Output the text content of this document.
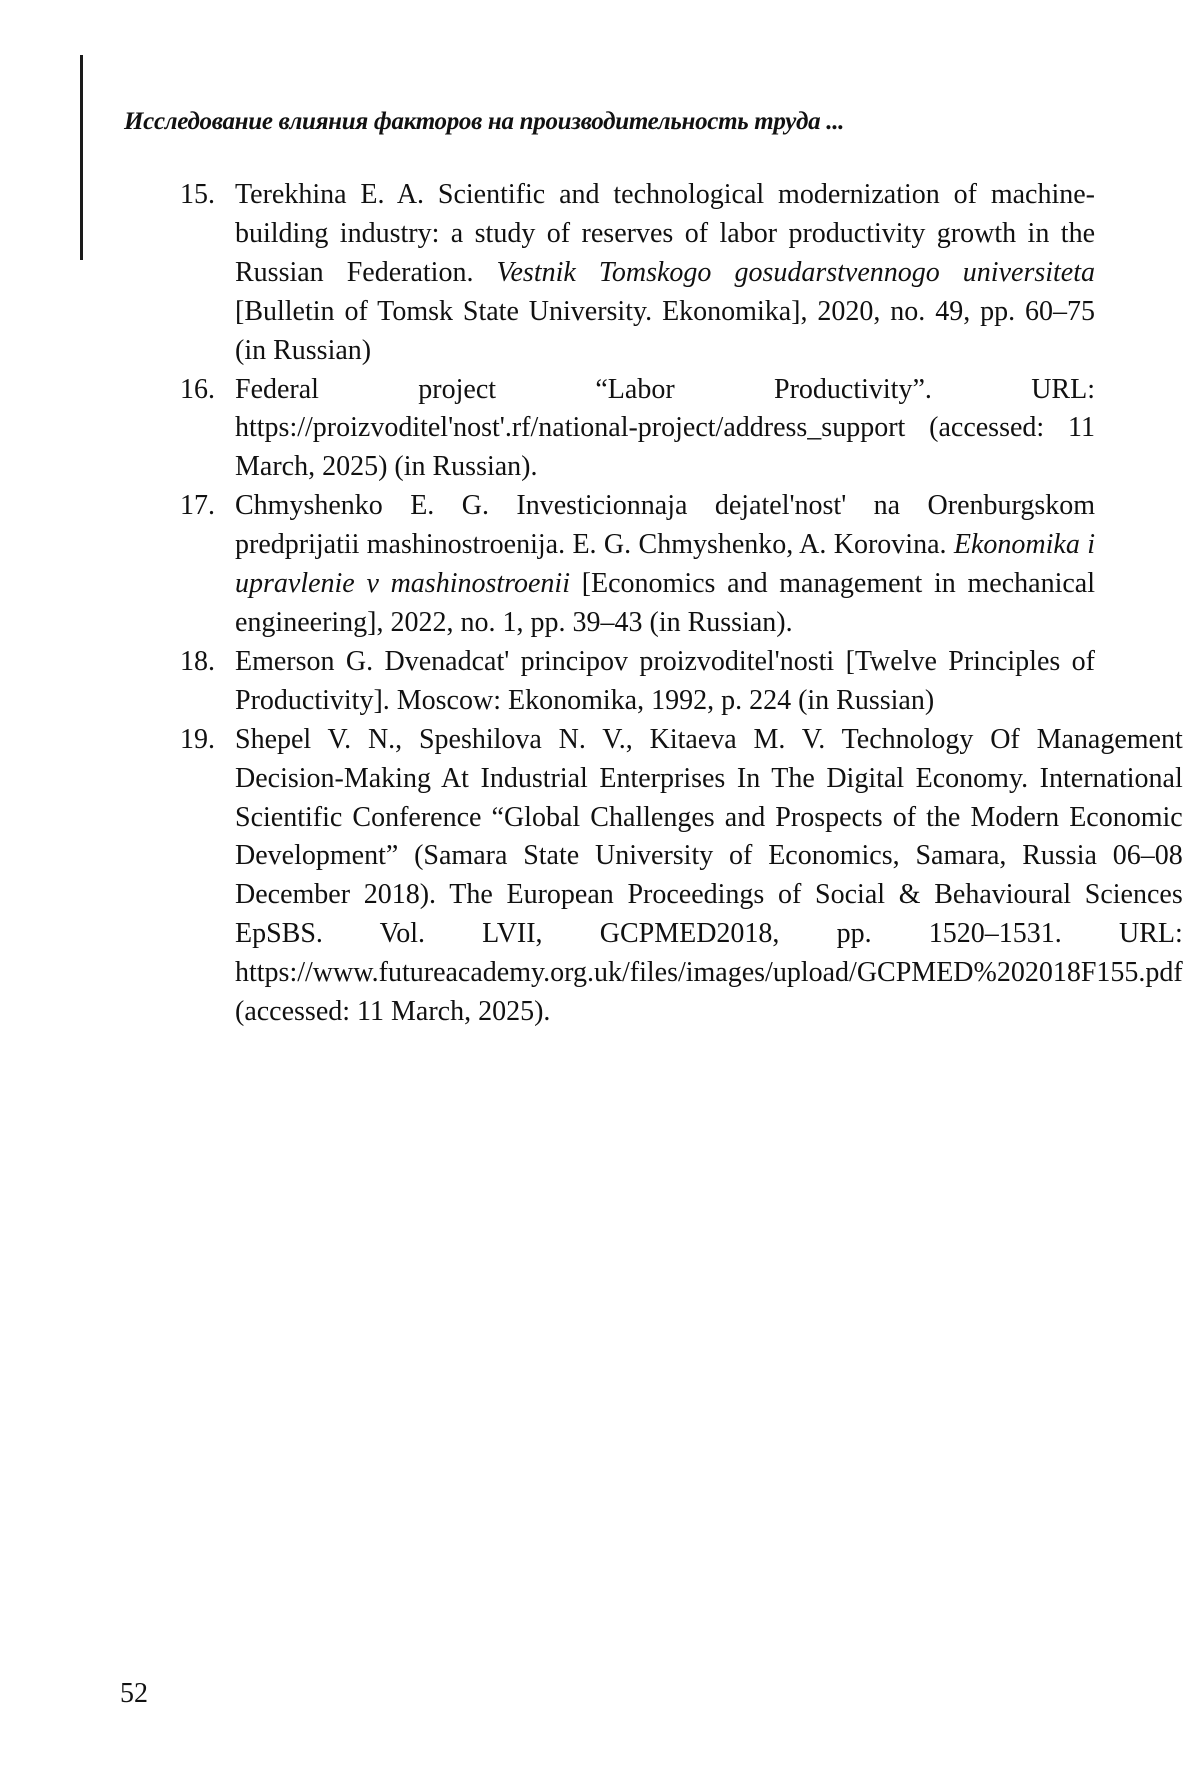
Исследование влияния факторов на производительность труда ...
15. Terekhina E. A. Scientific and technological modernization of machine-building industry: a study of reserves of labor productivity growth in the Russian Federation. Vestnik Tomskogo gosudarstvennogo universiteta [Bulletin of Tomsk State University. Ekonomika], 2020, no. 49, pp. 60–75 (in Russian)
16. Federal project “Labor Productivity”. URL: https://proizvoditel'nost'.rf/national-project/address_support (accessed: 11 March, 2025) (in Russian).
17. Chmyshenko E. G. Investicionnaja dejatel'nost' na Orenburgskom predprijatii mashinostroenija. E. G. Chmyshenko, A. Korovina. Ekonomika i upravlenie v mashinostroenii [Economics and management in mechanical engineering], 2022, no. 1, pp. 39–43 (in Russian).
18. Emerson G. Dvenadcat' principov proizvoditel'nosti [Twelve Principles of Productivity]. Moscow: Ekonomika, 1992, p. 224 (in Russian)
19. Shepel V. N., Speshilova N. V., Kitaeva M. V. Technology Of Management Decision-Making At Industrial Enterprises In The Digital Economy. International Scientific Conference “Global Challenges and Prospects of the Modern Economic Development” (Samara State University of Economics, Samara, Russia 06–08 December 2018). The European Proceedings of Social & Behavioural Sciences EpSBS. Vol. LVII, GCPMED2018, pp. 1520–1531. URL: https://www.futureacademy.org.uk/files/images/upload/GCPMED%202018F155.pdf (accessed: 11 March, 2025).
52
